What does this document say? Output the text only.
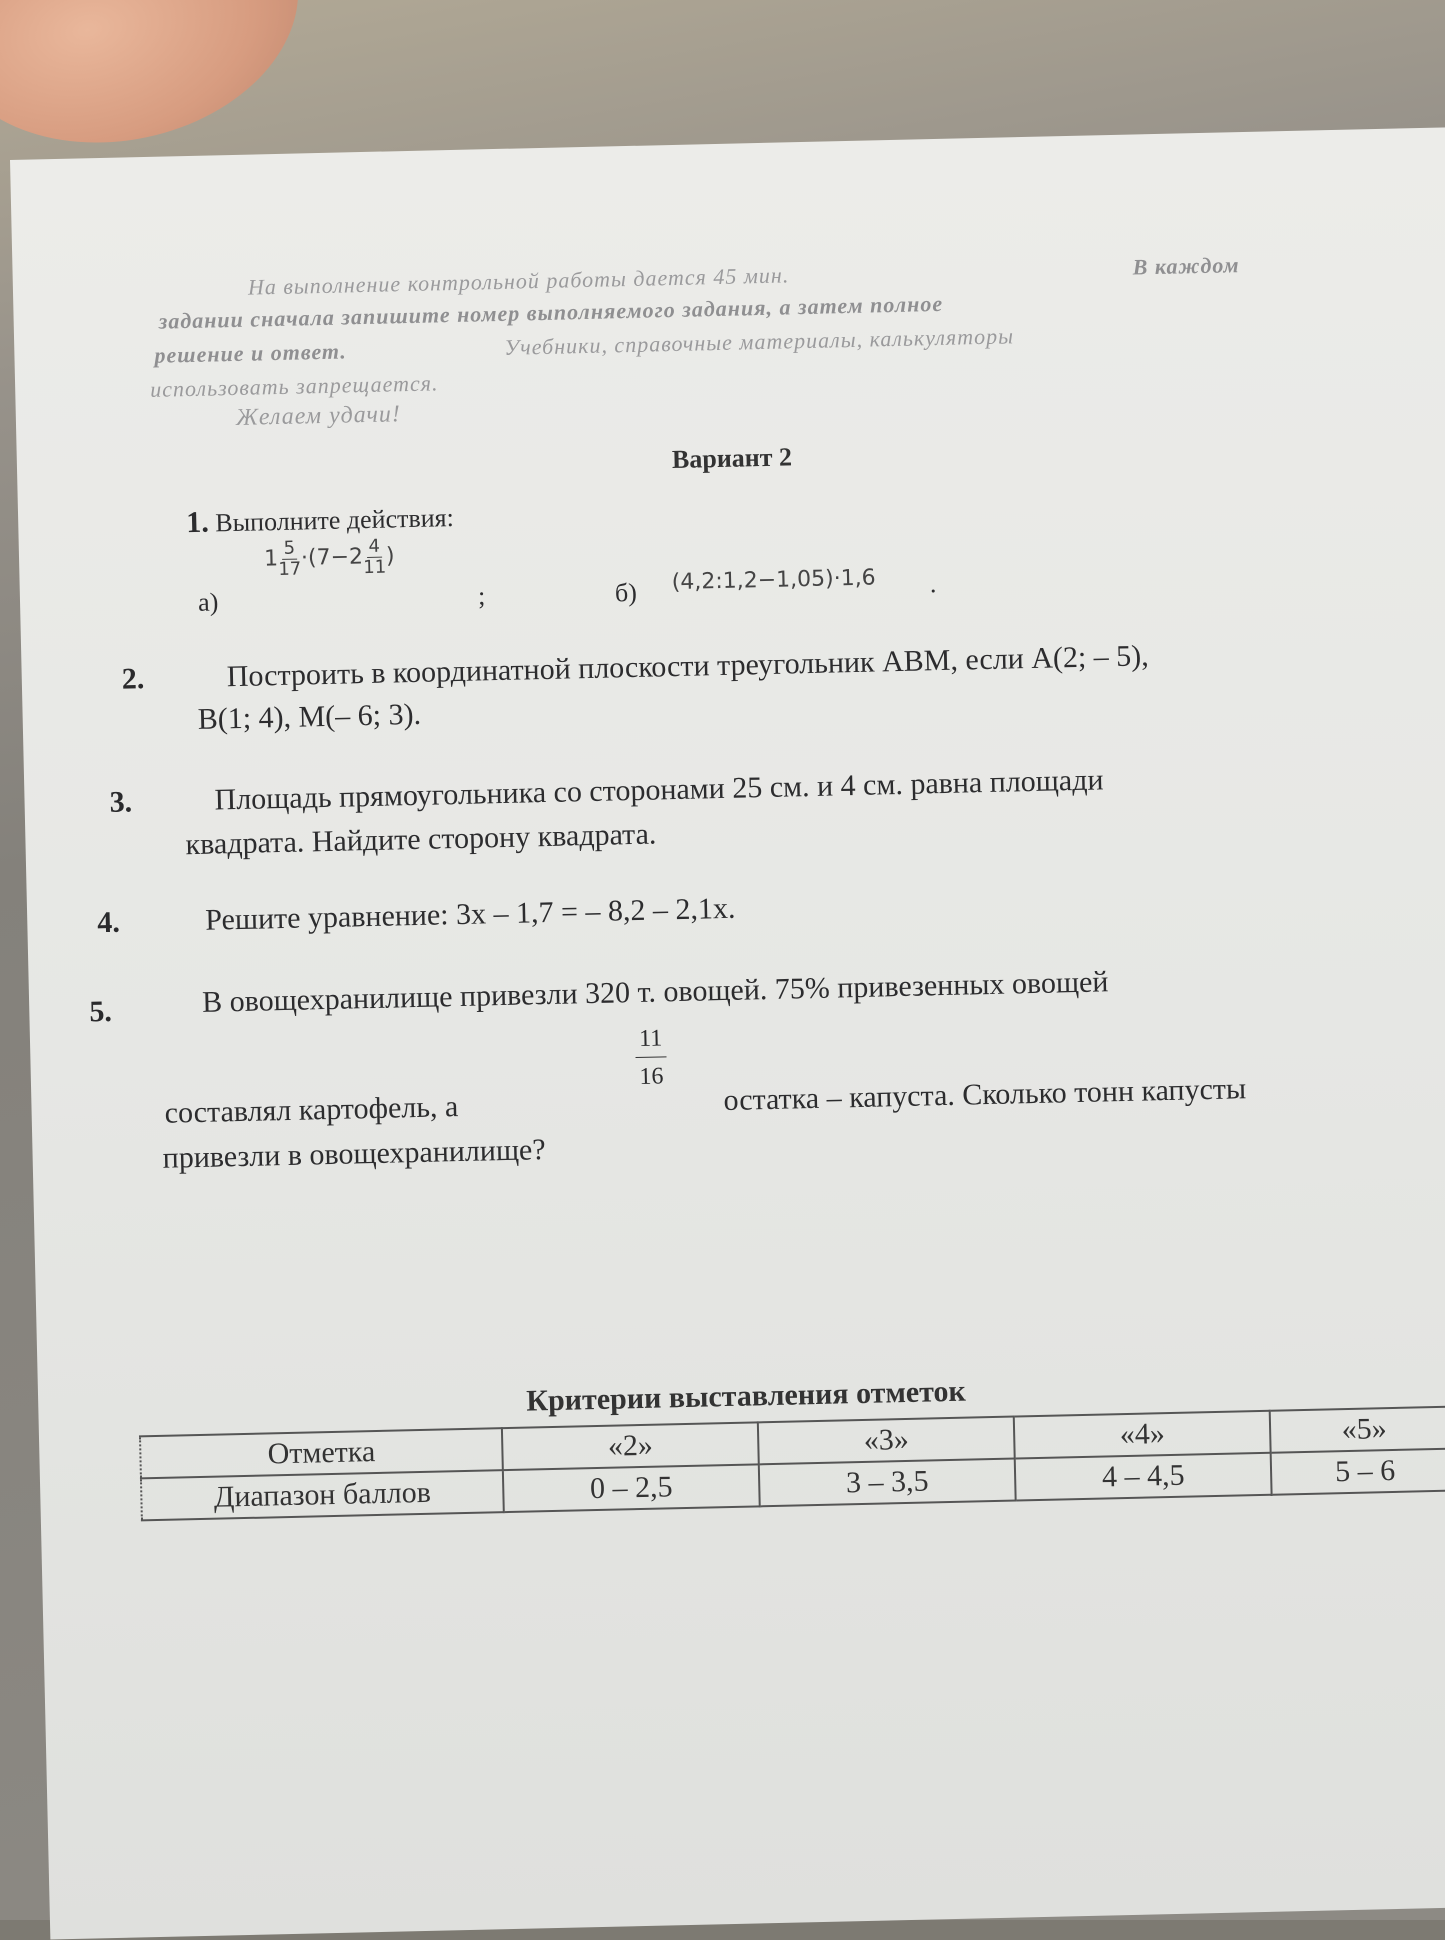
На выполнение контрольной работы дается 45 мин.	В каждом
задании сначала запишите номер выполняемого задания, а затем полное
решение и ответ.	Учебники, справочные материалы, калькуляторы
использовать запрещается.
Желаем удачи!
Вариант 2
1. Выполните действия:
а)
$1 \frac{5}{17} \cdot(7-2 \frac{4}{11}$ )
;	б) (4,2:1,2−1,05)·1,6 .
2.	Построить в координатной плоскости треугольник АВМ, если А(2; – 5),
В(1; 4), М(– 6; 3).
3.	Площадь прямоугольника со сторонами 25 см. и 4 см. равна площади
квадрата. Найдите сторону квадрата.
4.	Решите уравнение: 3х – 1,7 = – 8,2 – 2,1х.
5.	В овощехранилище привезли 320 т. овощей. 75% привезенных овощей
$\frac{11}{16}$
составлял картофель, а	остатка – капуста. Сколько тонн капусты
привезли в овощехранилище?
Критерии выставления отметок
Отметка	«2»	«3»	«4»	«5»
Диапазон баллов	0 – 2,5	3 – 3,5	4 – 4,5	5 – 6
